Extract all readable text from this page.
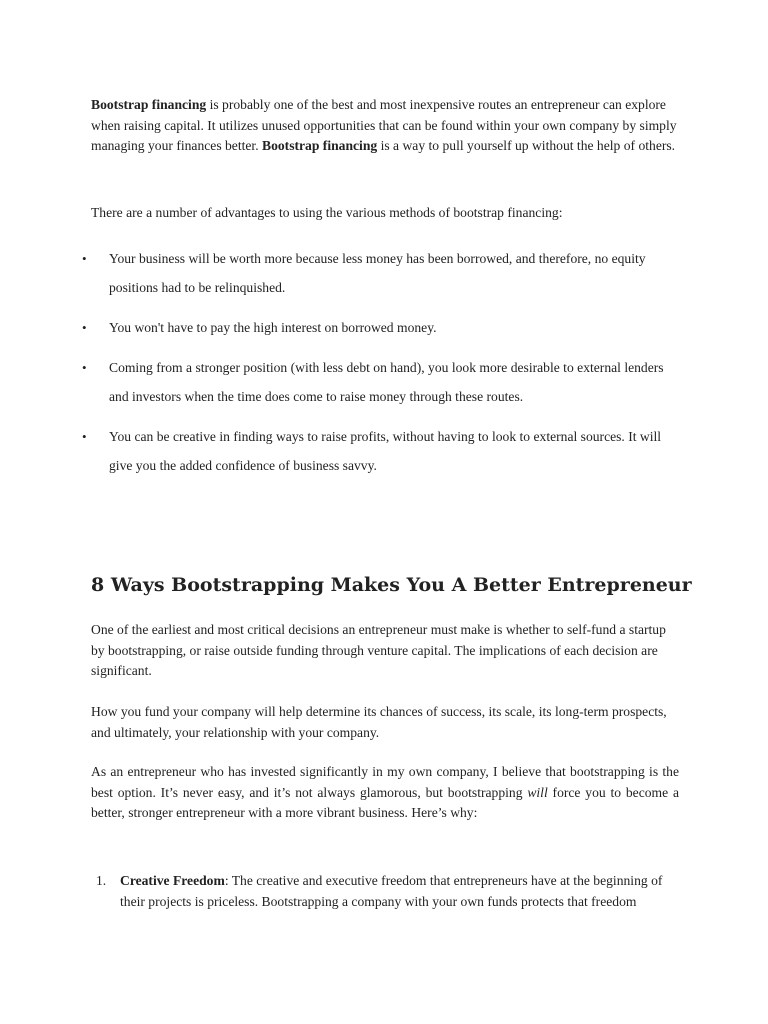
Bootstrap financing is probably one of the best and most inexpensive routes an entrepreneur can explore when raising capital. It utilizes unused opportunities that can be found within your own company by simply managing your finances better. Bootstrap financing is a way to pull yourself up without the help of others.

There are a number of advantages to using the various methods of bootstrap financing:

•	Your business will be worth more because less money has been borrowed, and therefore, no equity positions had to be relinquished.
•	You won't have to pay the high interest on borrowed money.
•	Coming from a stronger position (with less debt on hand), you look more desirable to external lenders and investors when the time does come to raise money through these routes.
•	You can be creative in finding ways to raise profits, without having to look to external sources. It will give you the added confidence of business savvy.
8 Ways Bootstrapping Makes You A Better Entrepreneur

One of the earliest and most critical decisions an entrepreneur must make is whether to self-fund a startup by bootstrapping, or raise outside funding through venture capital. The implications of each decision are significant.

How you fund your company will help determine its chances of success, its scale, its long-term prospects, and ultimately, your relationship with your company.

As an entrepreneur who has invested significantly in my own company, I believe that bootstrapping is the best option. It’s never easy, and it’s not always glamorous, but bootstrapping will force you to become a better, stronger entrepreneur with a more vibrant business. Here’s why:

1. Creative Freedom: The creative and executive freedom that entrepreneurs have at the beginning of their projects is priceless. Bootstrapping a company with your own funds protects that freedom
